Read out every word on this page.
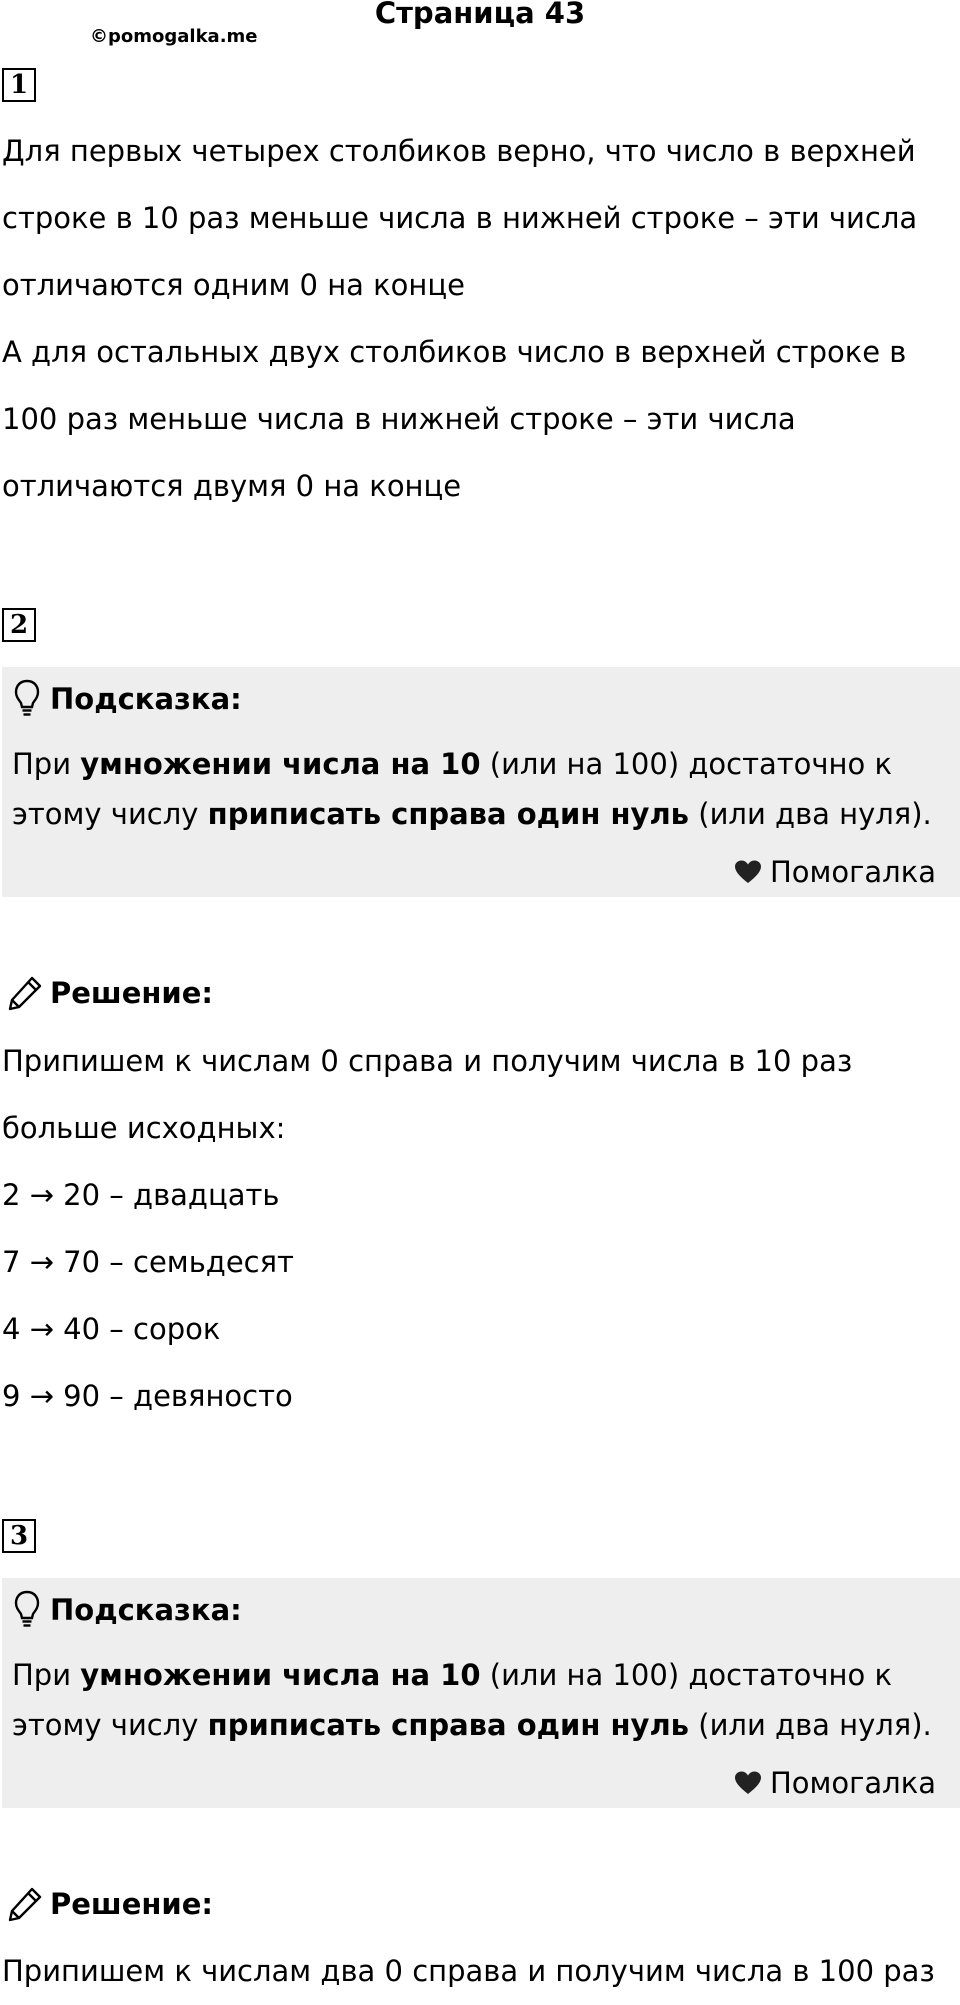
©pomogalka.me
Страница 43
1

Для первых четырех столбиков верно, что число в верхней

строке в 10 раз меньше числа в нижней строке – эти числа

отличаются одним 0 на конце

А для остальных двух столбиков число в верхней строке в

100 раз меньше числа в нижней строке – эти числа

отличаются двумя 0 на конце

2
Подсказка:

При умножении числа на 10 (или на 100) достаточно к

этому числу приписать справа один нуль (или два нуля).

Помогалка
Решение:

Припишем к числам 0 справа и получим числа в 10 раз

больше исходных:

2 → 20 – двадцать

7 → 70 – семьдесят

4 → 40 – сорок

9 → 90 – девяносто

3
Подсказка:

При умножении числа на 10 (или на 100) достаточно к

этому числу приписать справа один нуль (или два нуля).

Помогалка
Решение:

Припишем к числам два 0 справа и получим числа в 100 раз
